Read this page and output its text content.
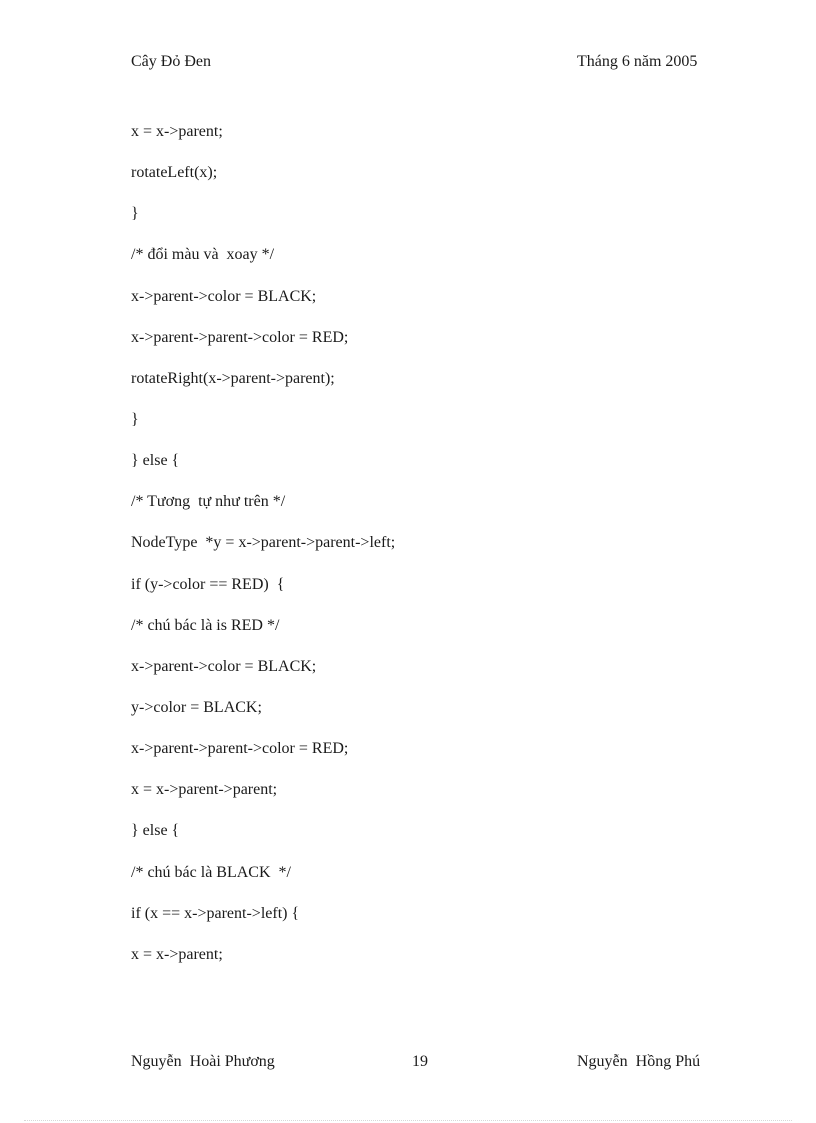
Cây Đỏ Đen	Tháng 6 năm 2005
x = x->parent;
rotateLeft(x);
}
/* đổi màu và  xoay */
x->parent->color = BLACK;
x->parent->parent->color = RED;
rotateRight(x->parent->parent);
}
} else {
/* Tương  tự như trên */
NodeType  *y = x->parent->parent->left;
if (y->color == RED)  {
/* chú bác là is RED */
x->parent->color = BLACK;
y->color = BLACK;
x->parent->parent->color = RED;
x = x->parent->parent;
} else {
/* chú bác là BLACK  */
if (x == x->parent->left) {
x = x->parent;
Nguyễn  Hoài Phương	19	Nguyễn  Hồng Phú
